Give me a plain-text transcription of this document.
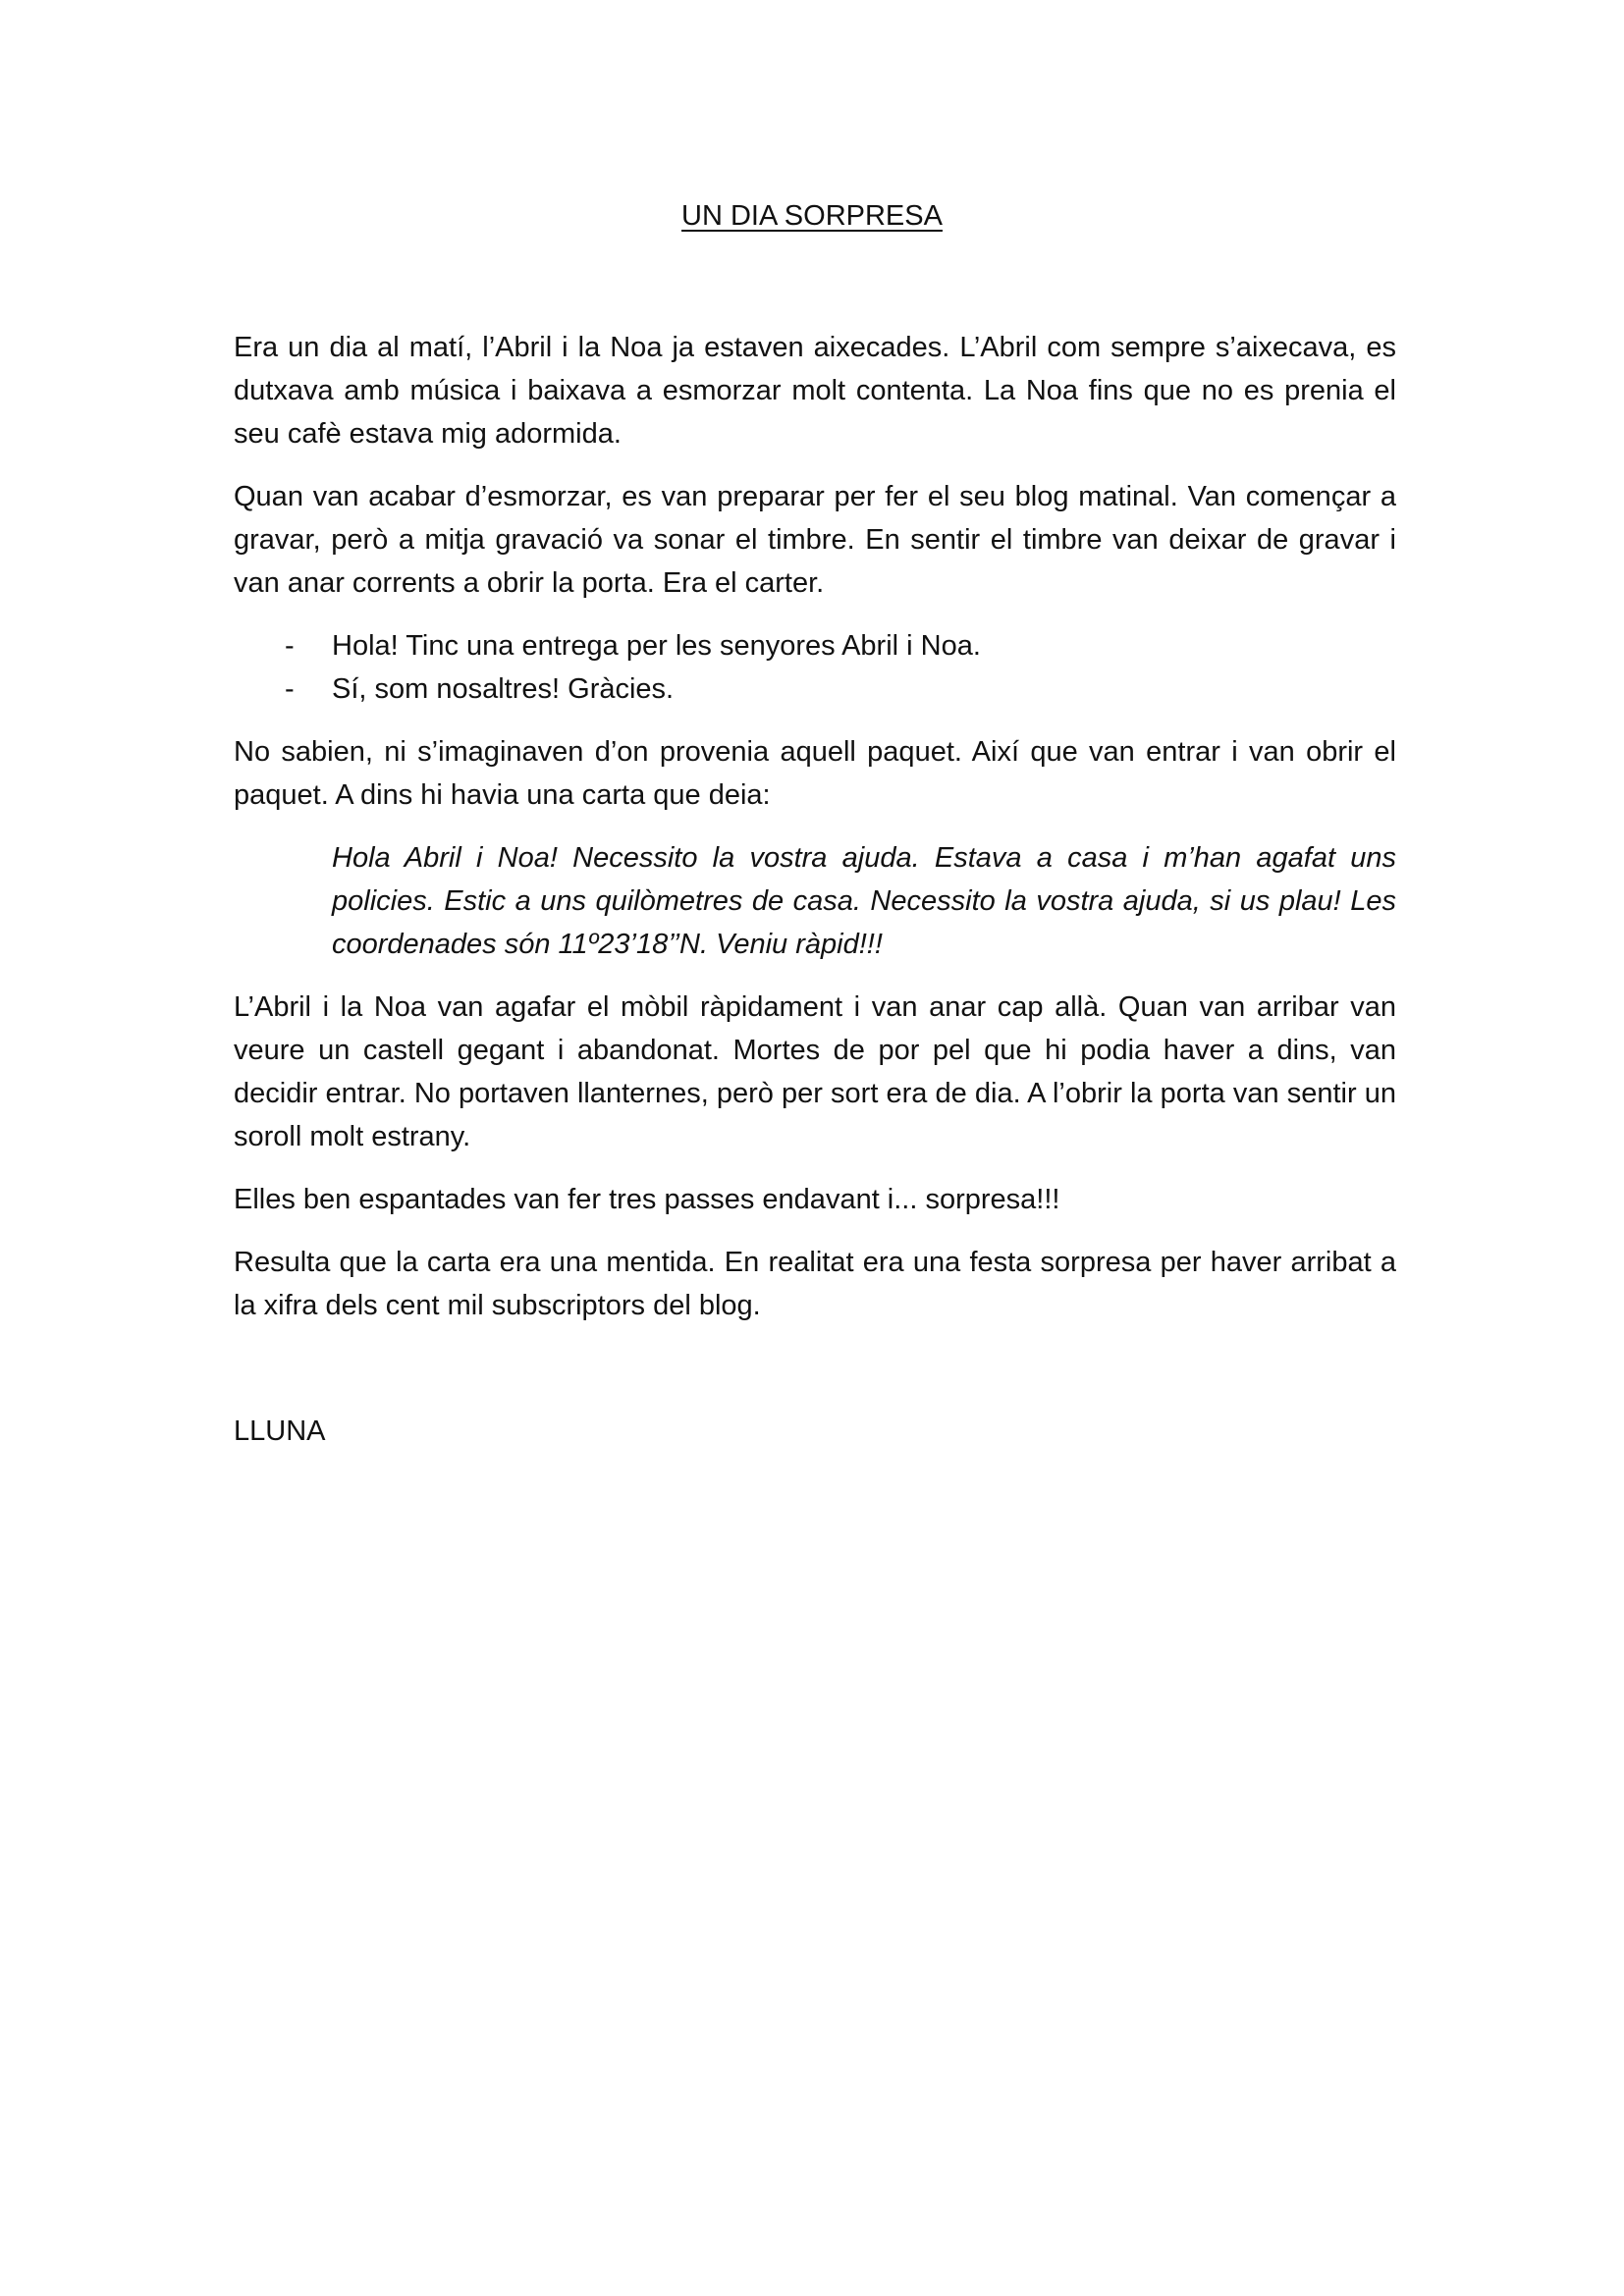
UN DIA SORPRESA

Era un dia al matí, l’Abril i la Noa ja estaven aixecades. L’Abril com sempre s’aixecava, es dutxava amb música i baixava a esmorzar molt contenta. La Noa fins que no es prenia el seu cafè estava mig adormida.

Quan van acabar d’esmorzar, es van preparar per fer el seu blog matinal. Van començar a gravar, però a mitja gravació va sonar el timbre. En sentir el timbre van deixar de gravar i van anar corrents a obrir la porta. Era el carter.

- Hola! Tinc una entrega per les senyores Abril i Noa.
- Sí, som nosaltres! Gràcies.

No sabien, ni s’imaginaven d’on provenia aquell paquet. Així que van entrar i van obrir el paquet. A dins hi havia una carta que deia:

Hola Abril i Noa! Necessito la vostra ajuda. Estava a casa i m’han agafat uns policies. Estic a uns quilòmetres de casa. Necessito la vostra ajuda, si us plau! Les coordenades són 11º23’18’’N. Veniu ràpid!!!

L’Abril i la Noa van agafar el mòbil ràpidament i van anar cap allà. Quan van arribar van veure un castell gegant i abandonat. Mortes de por pel que hi podia haver a dins, van decidir entrar. No portaven llanternes, però per sort era de dia. A l’obrir la porta van sentir un soroll molt estrany.

Elles ben espantades van fer tres passes endavant i... sorpresa!!!

Resulta que la carta era una mentida. En realitat era una festa sorpresa per haver arribat a la xifra dels cent mil subscriptors del blog.

LLUNA
